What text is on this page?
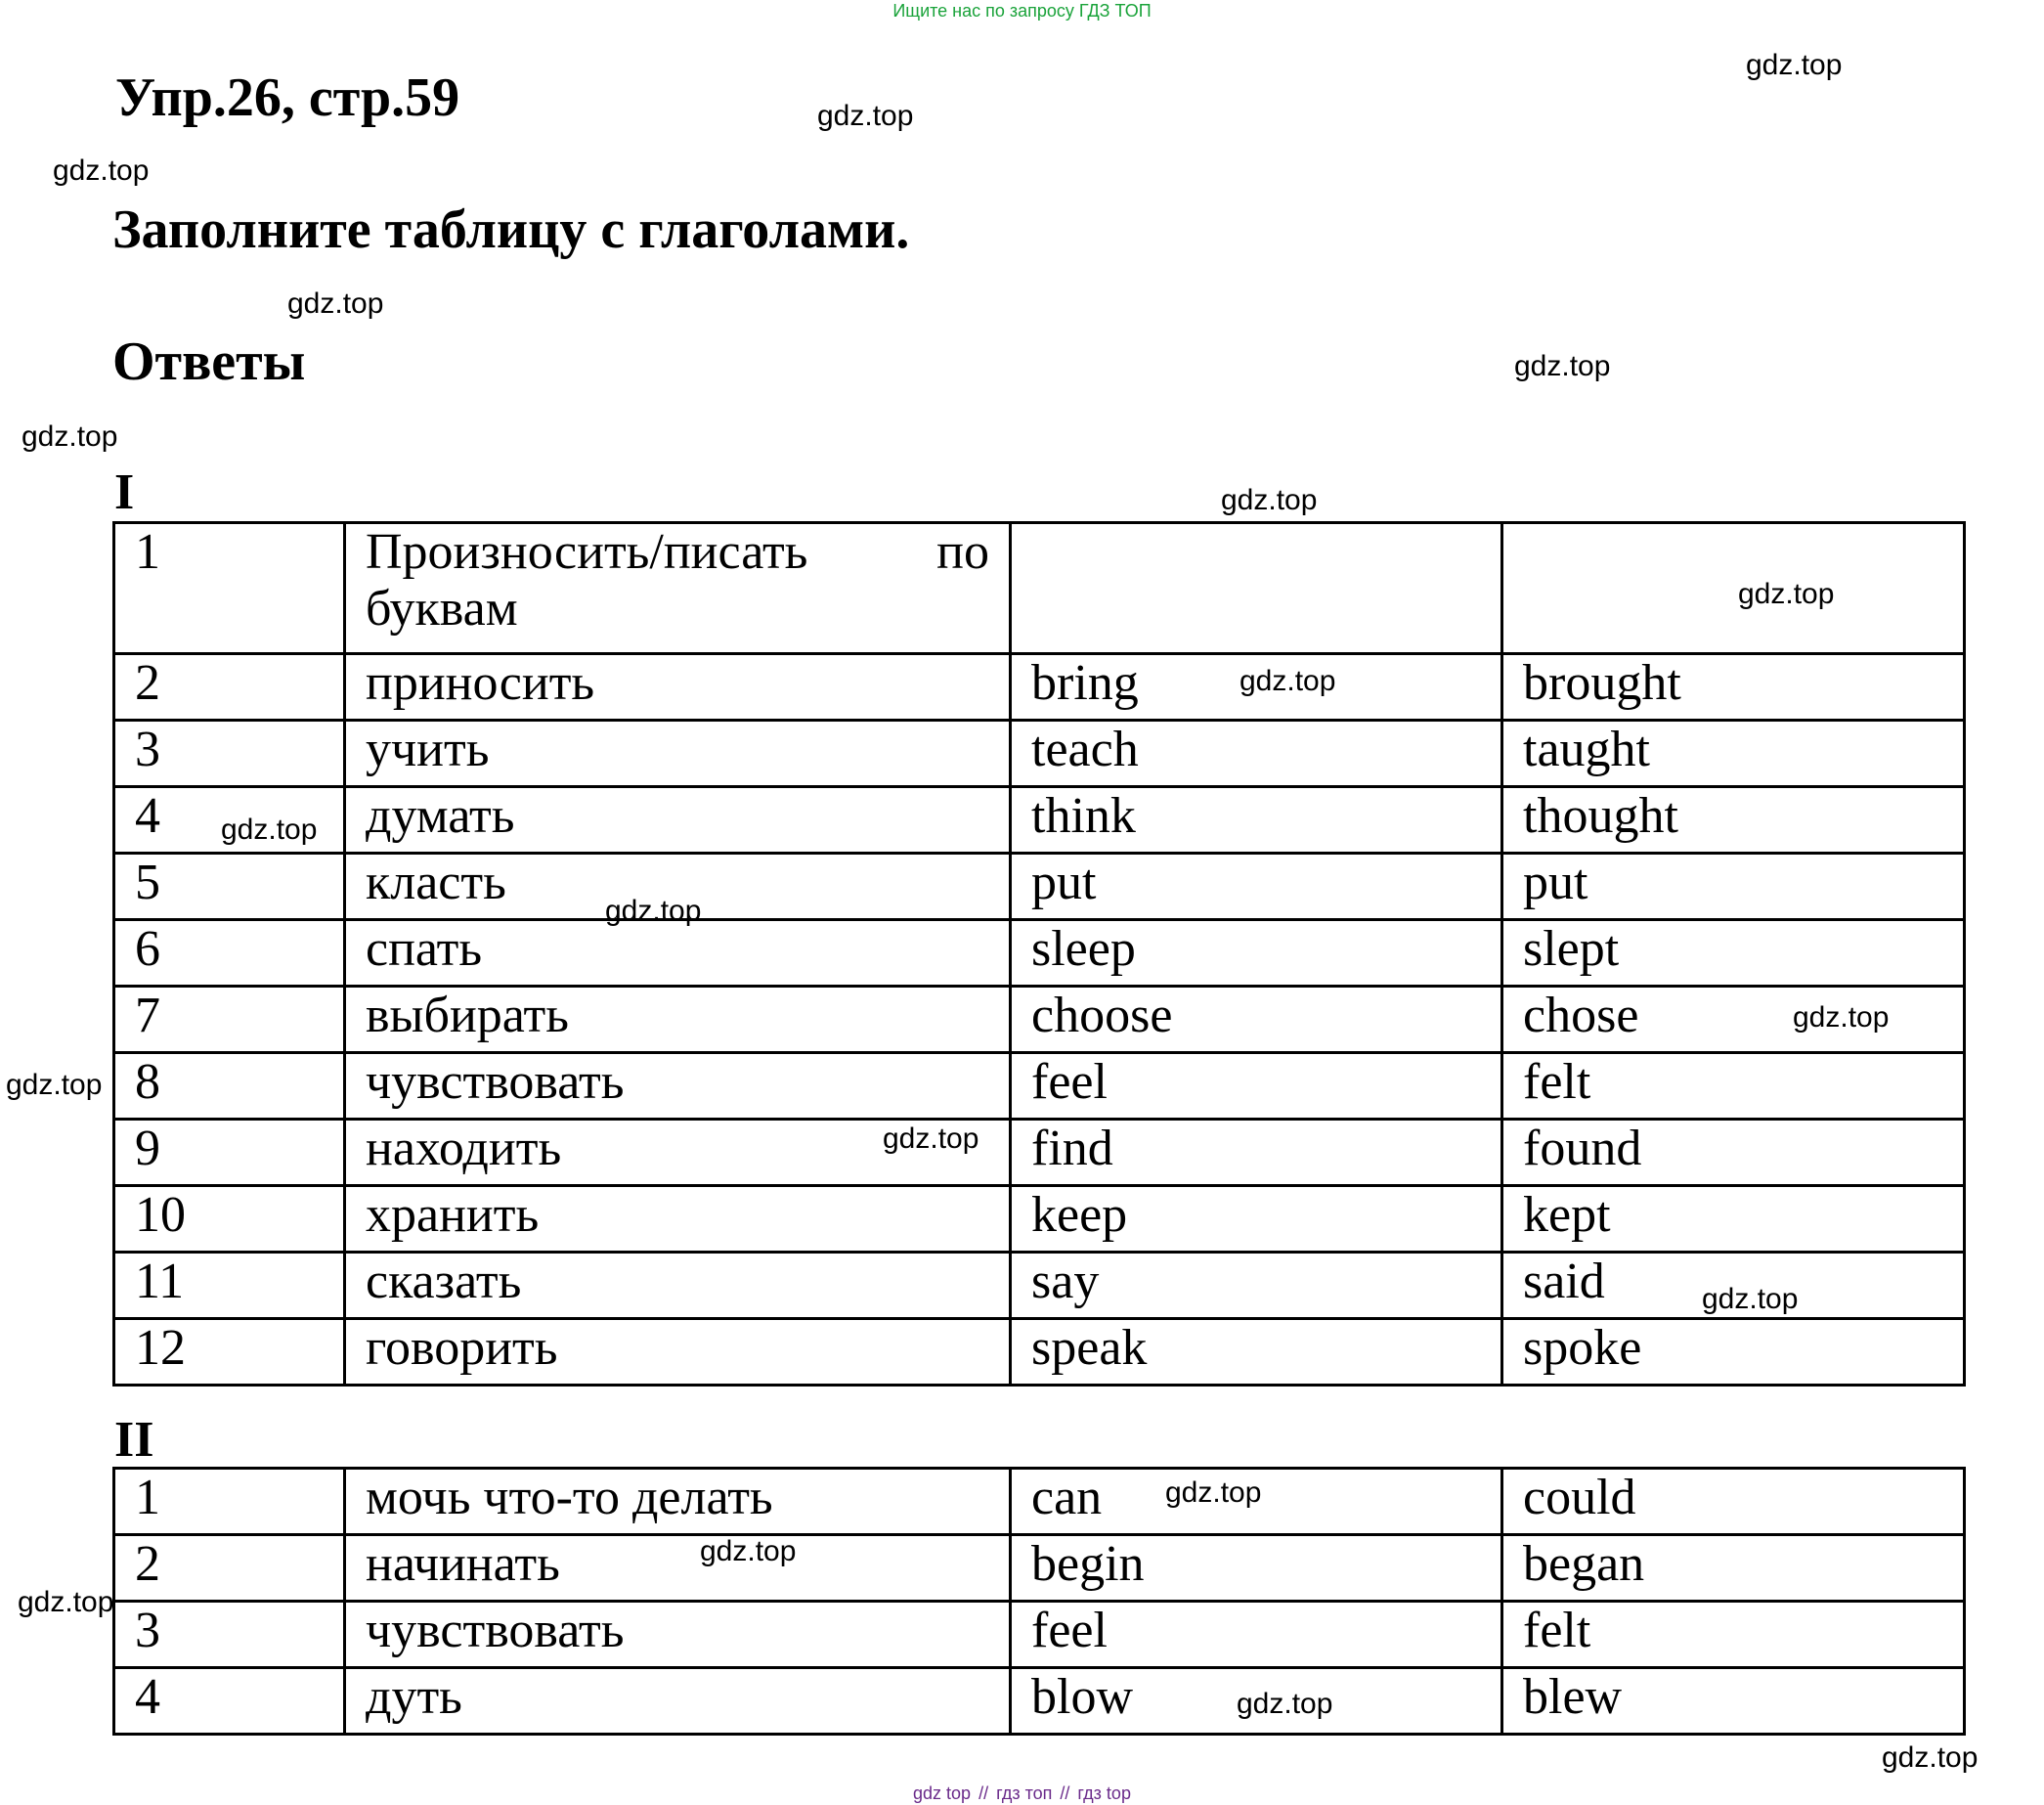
Ищите нас по запросу ГДЗ ТОП
Упр.26, стр.59
Заполните таблицу с глаголами.
Ответы
I
1	Произносить/писать по буквам		
2	приносить	bring	brought
3	учить	teach	taught
4	думать	think	thought
5	класть	put	put
6	спать	sleep	slept
7	выбирать	choose	chose
8	чувствовать	feel	felt
9	находить	find	found
10	хранить	keep	kept
11	сказать	say	said
12	говорить	speak	spoke
II
1	мочь что-то делать	can	could
2	начинать	begin	began
3	чувствовать	feel	felt
4	дуть	blow	blew
gdz.top
gdz.top
gdz.top
gdz.top
gdz.top
gdz.top
gdz.top
gdz.top
gdz.top
gdz.top
gdz.top
gdz.top
gdz.top
gdz.top
gdz.top
gdz.top
gdz.top
gdz.top
gdz.top
gdz.top
gdz top // гдз топ // гдз top
